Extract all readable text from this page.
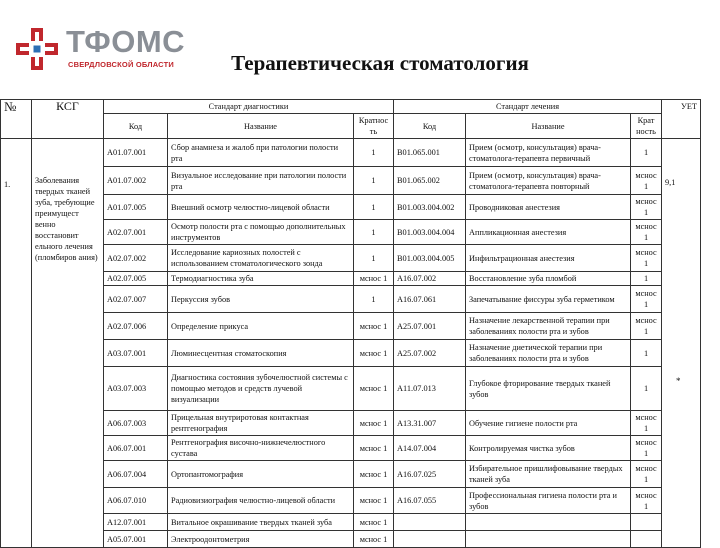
ТФОМС
СВЕРДЛОВСКОЙ ОБЛАСТИ	Терапевтическая стоматология
№	КСГ	Стандарт диагностики			Стандарт лечения			УЕТ
		Код	Название	Кратнос ть	Код	Название	Крат ность	
1.	Заболевания твердых тканей зуба, требующие преимущест венно восстановит ельного лечения (пломбиров ания)	А01.07.001	Сбор анамнеза и жалоб при патологии полости рта	1	В01.065.001	Прием (осмотр, консультация) врача-стоматолога-терапевта первичный	1	9,1
		А01.07.002	Визуальное исследование при патологии полости рта	1	В01.065.002	Прием (осмотр, консультация) врача-стоматолога-терапевта повторный	мснос 1	
		А01.07.005	Внешний осмотр челюстно-лицевой области	1	В01.003.004.002	Проводниковая анестезия	мснос 1	
		А02.07.001	Осмотр полости рта с помощью дополнительных инструментов	1	В01.003.004.004	Аппликационная анестезия	мснос 1	
		А02.07.002	Исследование кариозных полостей с использованием стоматологического зонда	1	В01.003.004.005	Инфильтрационная анестезия	мснос 1	
		А02.07.005	Термодиагностика зуба	мснос 1	А16.07.002	Восстановление зуба пломбой	1	
		А02.07.007	Перкуссия зубов	1	А16.07.061	Запечатывание фиссуры зуба герметиком	мснос 1	
		А02.07.006	Определение прикуса	мснос 1	А25.07.001	Назначение лекарственной терапии при заболеваниях полости рта и зубов	мснос 1	
		А03.07.001	Люминесцентная стоматоскопия	мснос 1	А25.07.002	Назначение диетической терапии при заболеваниях полости рта и зубов	1	
		А03.07.003	Диагностика состояния зубочелюстной системы с помощью методов и средств лучевой визуализации	мснос 1	А11.07.013	Глубокое фторирование твердых тканей зубов	1	
		А06.07.003	Прицельная внутриротовая контактная рентгенография	мснос 1	А13.31.007	Обучение гигиене полости рта	мснос 1	
		А06.07.001	Рентгенография височно-нижнечелюстного сустава	мснос 1	А14.07.004	Контролируемая чистка зубов	мснос 1	
		А06.07.004	Ортопантомография	мснос 1	А16.07.025	Избирательное пришлифовывание твердых тканей зуба	мснос 1	
		А06.07.010	Радиовизиография челюстно-лицевой области	мснос 1	А16.07.055	Профессиональная гигиена полости рта и зубов	мснос 1	
		А12.07.001	Витальное окрашивание твердых тканей зуба	мснос 1				
		А05.07.001	Электроодонтометрия	мснос 1				
*
